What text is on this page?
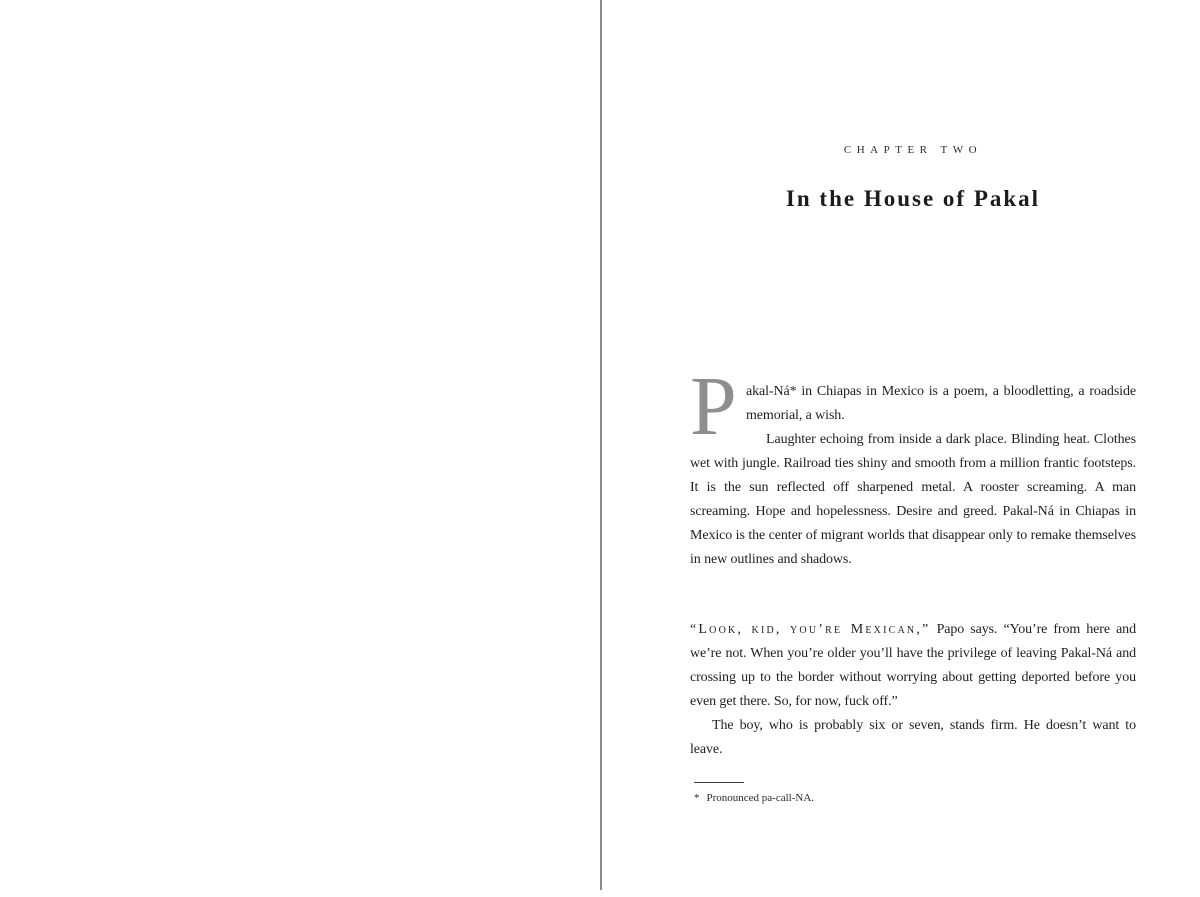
CHAPTER TWO
In the House of Pakal
P akal-Ná* in Chiapas in Mexico is a poem, a bloodletting, a roadside memorial, a wish.

Laughter echoing from inside a dark place. Blinding heat. Clothes wet with jungle. Railroad ties shiny and smooth from a million frantic footsteps. It is the sun reflected off sharpened metal. A rooster screaming. A man screaming. Hope and hopelessness. Desire and greed. Pakal-Ná in Chiapas in Mexico is the center of migrant worlds that disappear only to remake themselves in new outlines and shadows.

“Look, kid, you’re Mexican,” Papo says. “You’re from here and we’re not. When you’re older you’ll have the privilege of leaving Pakal-Ná and crossing up to the border without worrying about getting deported before you even get there. So, for now, fuck off.”

The boy, who is probably six or seven, stands firm. He doesn’t want to leave.

* Pronounced pa-call-NA.
